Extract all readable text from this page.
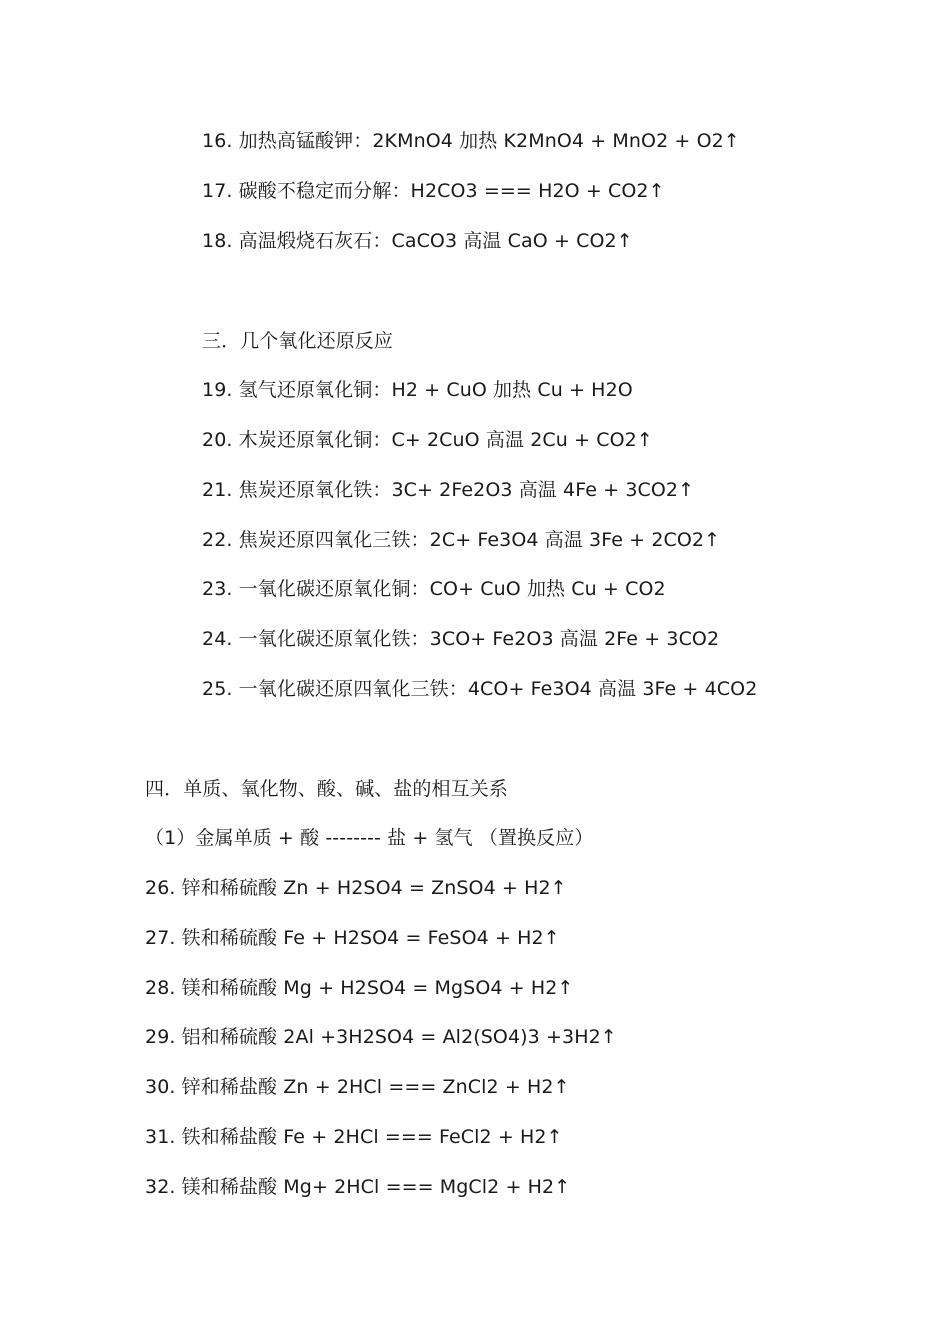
16. 加热高锰酸钾：2KMnO4 加热 K2MnO4 + MnO2 + O2↑
17. 碳酸不稳定而分解：H2CO3 === H2O + CO2↑
18. 高温煅烧石灰石：CaCO3 高温 CaO + CO2↑
三．几个氧化还原反应
19. 氢气还原氧化铜：H2 + CuO 加热 Cu + H2O
20. 木炭还原氧化铜：C+ 2CuO 高温 2Cu + CO2↑
21. 焦炭还原氧化铁：3C+ 2Fe2O3 高温 4Fe + 3CO2↑
22. 焦炭还原四氧化三铁：2C+ Fe3O4 高温 3Fe + 2CO2↑
23. 一氧化碳还原氧化铜：CO+ CuO 加热 Cu + CO2
24. 一氧化碳还原氧化铁：3CO+ Fe2O3 高温 2Fe + 3CO2
25. 一氧化碳还原四氧化三铁：4CO+ Fe3O4 高温 3Fe + 4CO2
四．单质、氧化物、酸、碱、盐的相互关系
（1）金属单质 + 酸 -------- 盐 + 氢气 （置换反应）
26. 锌和稀硫酸 Zn + H2SO4 = ZnSO4 + H2↑
27. 铁和稀硫酸 Fe + H2SO4 = FeSO4 + H2↑
28. 镁和稀硫酸 Mg + H2SO4 = MgSO4 + H2↑
29. 铝和稀硫酸 2Al +3H2SO4 = Al2(SO4)3 +3H2↑
30. 锌和稀盐酸 Zn + 2HCl === ZnCl2 + H2↑
31. 铁和稀盐酸 Fe + 2HCl === FeCl2 + H2↑
32. 镁和稀盐酸 Mg+ 2HCl === MgCl2 + H2↑
